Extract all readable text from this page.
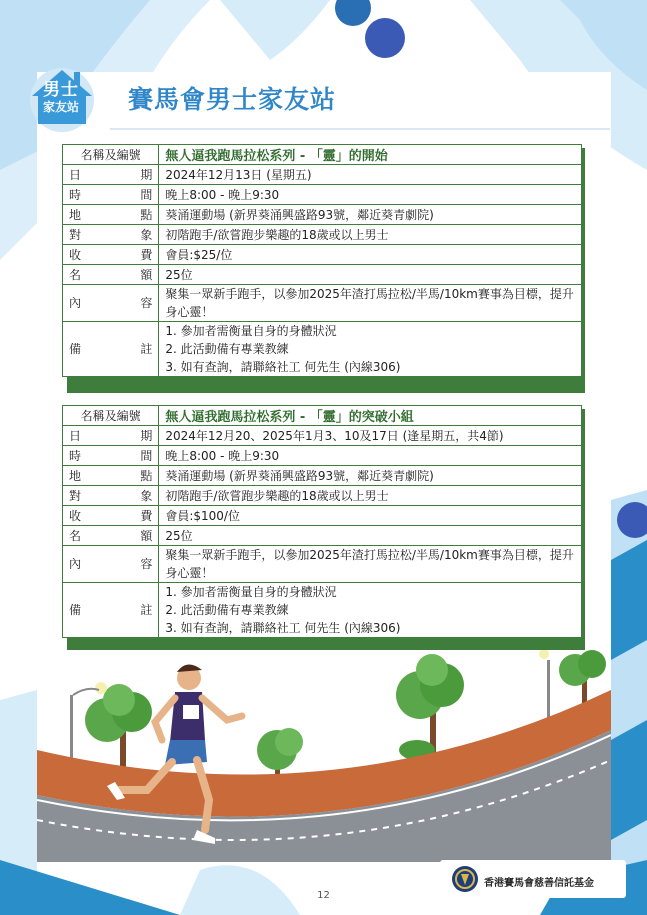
男士
家友站	賽馬會男士家友站
名稱及編號	無人逼我跑馬拉松系列 - 「靈」的開始

日 期	2024年12月13日 (星期五)

時 間	晚上8:00 - 晚上9:30

地 點	葵涌運動場 (新界葵涌興盛路93號，鄰近葵青劇院)

對 象	初階跑手/欲嘗跑步樂趣的18歲或以上男士

收 費	會員:$25/位

名 額	25位

內 容	聚集一眾新手跑手，以參加2025年渣打馬拉松/半馬/10km賽事為目標，提升身心靈！

備 註	1. 參加者需衡量自身的身體狀況
2. 此活動備有專業教練
3. 如有查詢，請聯絡社工 何先生 (內線306)
名稱及編號	無人逼我跑馬拉松系列 - 「靈」的突破小組

日 期	2024年12月20、2025年1月3、10及17日 (逢星期五，共4節)

時 間	晚上8:00 - 晚上9:30

地 點	葵涌運動場 (新界葵涌興盛路93號，鄰近葵青劇院)

對 象	初階跑手/欲嘗跑步樂趣的18歲或以上男士

收 費	會員:$100/位

名 額	25位

內 容	聚集一眾新手跑手，以參加2025年渣打馬拉松/半馬/10km賽事為目標，提升身心靈！

備 註	1. 參加者需衡量自身的身體狀況
2. 此活動備有專業教練
3. 如有查詢，請聯絡社工 何先生 (內線306)
12
香港賽馬會慈善信託基金
